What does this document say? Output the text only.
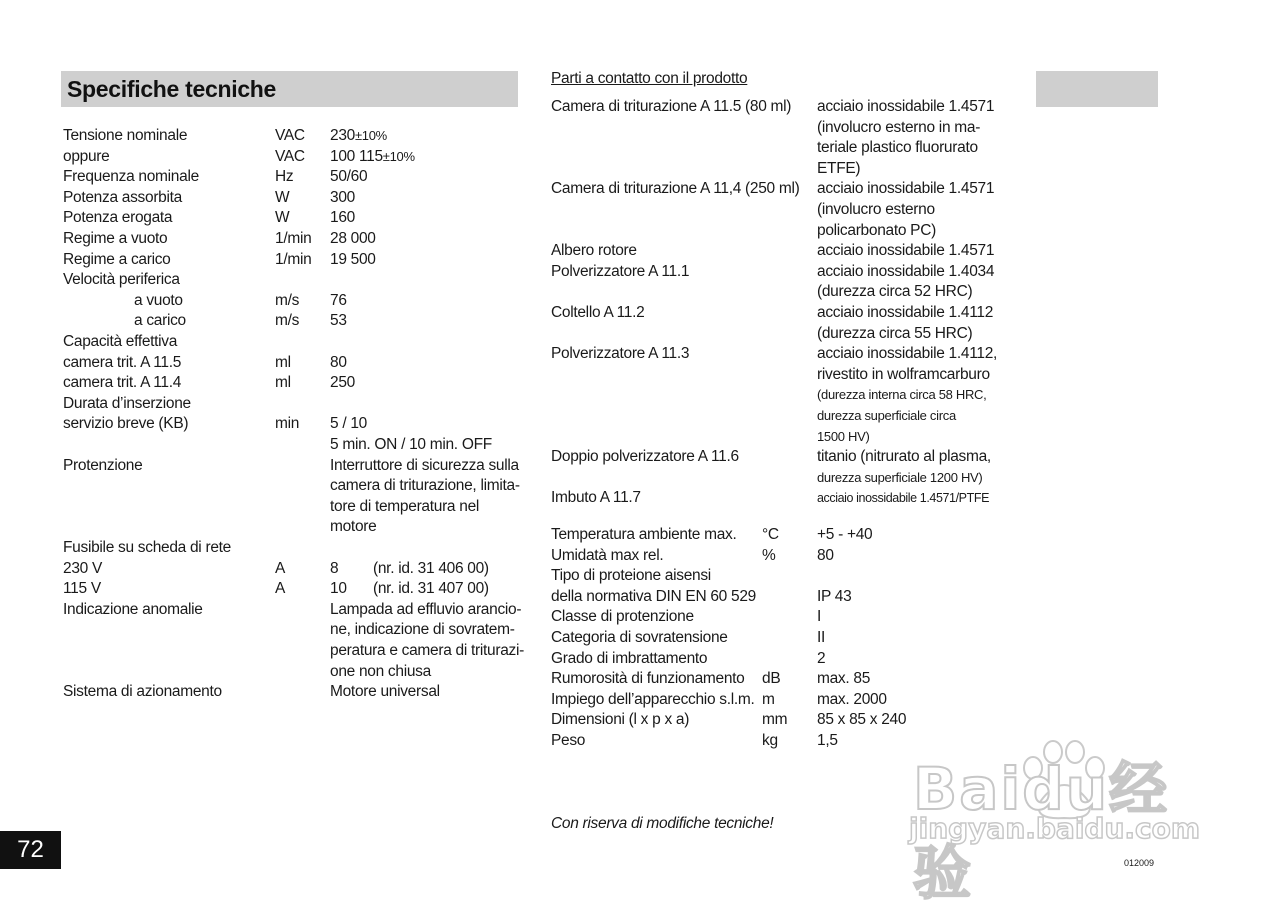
Specifiche tecniche
Tensione nominale	VAC 230±10%
oppure	VAC 100 115±10%
Frequenza nominale	Hz 50/60
Potenza assorbita	W	300
Potenza erogata	W	160
Regime a vuoto	1/min 28 000
Regime a carico	1/min 19 500
Velocità periferica
a vuoto	m/s 76
a carico	m/s 53
Capacità effettiva
camera trit. A 11.5	ml	80
camera trit. A 11.4	ml	250
Durata d’inserzione
servizio breve (KB)	min 5 / 10
5 min. ON / 10 min. OFF
Protenzione	Interruttore di sicurezza sulla
camera di triturazione, limita-
tore di temperatura nel
motore
Fusibile su scheda di rete
230 V	A	8 (nr. id. 31 406 00)
115 V	A	10 (nr. id. 31 407 00)
Indicazione anomalie	Lampada ad effluvio arancio-
ne, indicazione di sovratem-
peratura e camera di triturazi-
one non chiusa
Sistema di azionamento	Motore universal
Parti a contatto con il prodotto
Camera di triturazione A 11.5 (80 ml) acciaio inossidabile 1.4571
(involucro esterno in ma-
teriale plastico fluorurato
ETFE)
Camera di triturazione A 11,4 (250 ml) acciaio inossidabile 1.4571
(involucro esterno
policarbonato PC)
Albero rotore	acciaio inossidabile 1.4571
Polverizzatore A 11.1	acciaio inossidabile 1.4034
(durezza circa 52 HRC)
Coltello A 11.2	acciaio inossidabile 1.4112
(durezza circa 55 HRC)
Polverizzatore A 11.3	acciaio inossidabile 1.4112,
rivestito in wolframcarburo
(durezza interna circa 58 HRC,
durezza superficiale circa
1500 HV)
Doppio polverizzatore A 11.6	titanio (nitrurato al plasma,
durezza superficiale 1200 HV)
Imbuto A 11.7	acciaio inossidabile 1.4571/PTFE
Temperatura ambiente max. °C +5 - +40
Umidatà max rel.	%	80
Tipo di proteione aisensi
della normativa DIN EN 60 529	IP 43
Classe di protenzione	I
Categoria di sovratensione	II
Grado di imbrattamento	2
Rumorosità di funzionamento dB max. 85
Impiego dell’apparecchio s.l.m. m	max. 2000
Dimensioni (l x p x a)	mm 85 x 85 x 240
Peso	kg	1,5
Con riserva di modifiche tecniche!
72	012009
Baidu经验
jingyan.baidu.com
